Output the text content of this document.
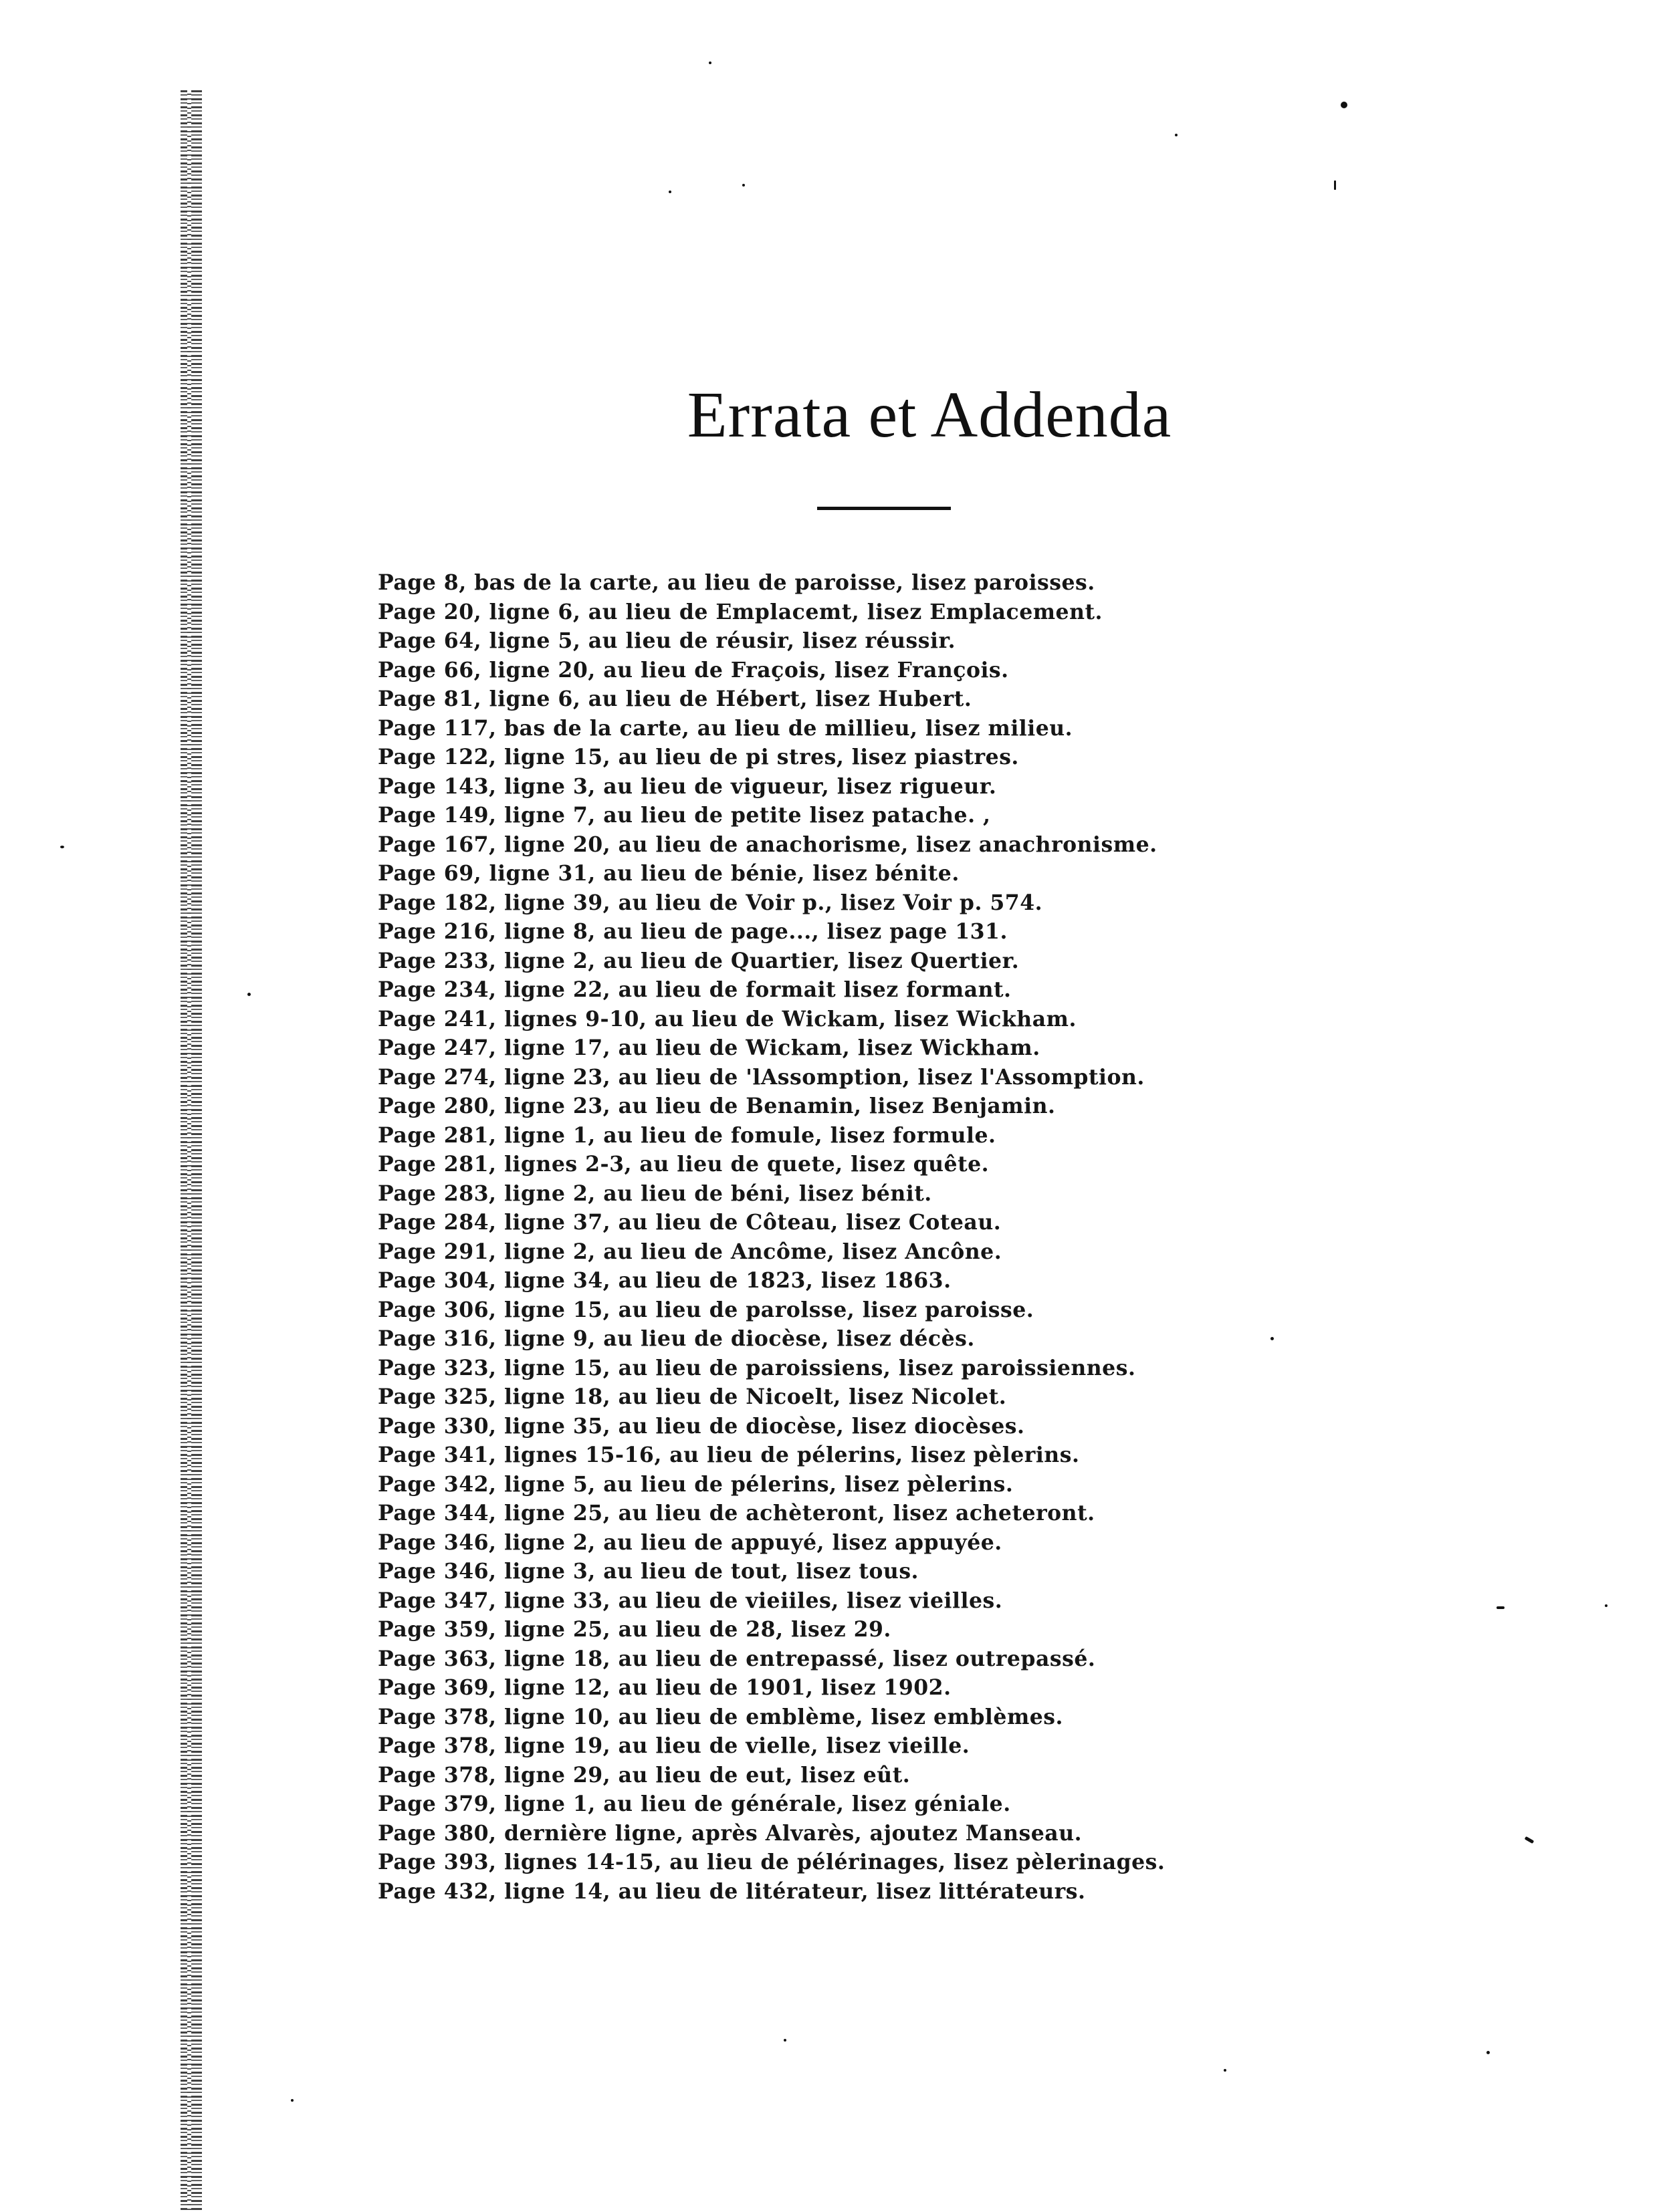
Errata et Addenda
Page 8, bas de la carte, au lieu de paroisse, lisez paroisses.
Page 20, ligne 6, au lieu de Emplacemt, lisez Emplacement.
Page 64, ligne 5, au lieu de réusir, lisez réussir.
Page 66, ligne 20, au lieu de Fraçois, lisez François.
Page 81, ligne 6, au lieu de Hébert, lisez Hubert.
Page 117, bas de la carte, au lieu de millieu, lisez milieu.
Page 122, ligne 15, au lieu de pi stres, lisez piastres.
Page 143, ligne 3, au lieu de vigueur, lisez rigueur.
Page 149, ligne 7, au lieu de petite lisez patache. ,
Page 167, ligne 20, au lieu de anachorisme, lisez anachronisme.
Page 69, ligne 31, au lieu de bénie, lisez bénite.
Page 182, ligne 39, au lieu de Voir p., lisez Voir p. 574.
Page 216, ligne 8, au lieu de page..., lisez page 131.
Page 233, ligne 2, au lieu de Quartier, lisez Quertier.
Page 234, ligne 22, au lieu de formait lisez formant.
Page 241, lignes 9-10, au lieu de Wickam, lisez Wickham.
Page 247, ligne 17, au lieu de Wickam, lisez Wickham.
Page 274, ligne 23, au lieu de 'lAssomption, lisez l'Assomption.
Page 280, ligne 23, au lieu de Benamin, lisez Benjamin.
Page 281, ligne 1, au lieu de fomule, lisez formule.
Page 281, lignes 2-3, au lieu de quete, lisez quête.
Page 283, ligne 2, au lieu de béni, lisez bénit.
Page 284, ligne 37, au lieu de Côteau, lisez Coteau.
Page 291, ligne 2, au lieu de Ancôme, lisez Ancône.
Page 304, ligne 34, au lieu de 1823, lisez 1863.
Page 306, ligne 15, au lieu de parolsse, lisez paroisse.
Page 316, ligne 9, au lieu de diocèse, lisez décès.
Page 323, ligne 15, au lieu de paroissiens, lisez paroissiennes.
Page 325, ligne 18, au lieu de Nicoelt, lisez Nicolet.
Page 330, ligne 35, au lieu de diocèse, lisez diocèses.
Page 341, lignes 15-16, au lieu de pélerins, lisez pèlerins.
Page 342, ligne 5, au lieu de pélerins, lisez pèlerins.
Page 344, ligne 25, au lieu de achèteront, lisez acheteront.
Page 346, ligne 2, au lieu de appuyé, lisez appuyée.
Page 346, ligne 3, au lieu de tout, lisez tous.
Page 347, ligne 33, au lieu de vieiiles, lisez vieilles.
Page 359, ligne 25, au lieu de 28, lisez 29.
Page 363, ligne 18, au lieu de entrepassé, lisez outrepassé.
Page 369, ligne 12, au lieu de 1901, lisez 1902.
Page 378, ligne 10, au lieu de emblème, lisez emblèmes.
Page 378, ligne 19, au lieu de vielle, lisez vieille.
Page 378, ligne 29, au lieu de eut, lisez eût.
Page 379, ligne 1, au lieu de générale, lisez géniale.
Page 380, dernière ligne, après Alvarès, ajoutez Manseau.
Page 393, lignes 14-15, au lieu de pélérinages, lisez pèlerinages.
Page 432, ligne 14, au lieu de litérateur, lisez littérateurs.
